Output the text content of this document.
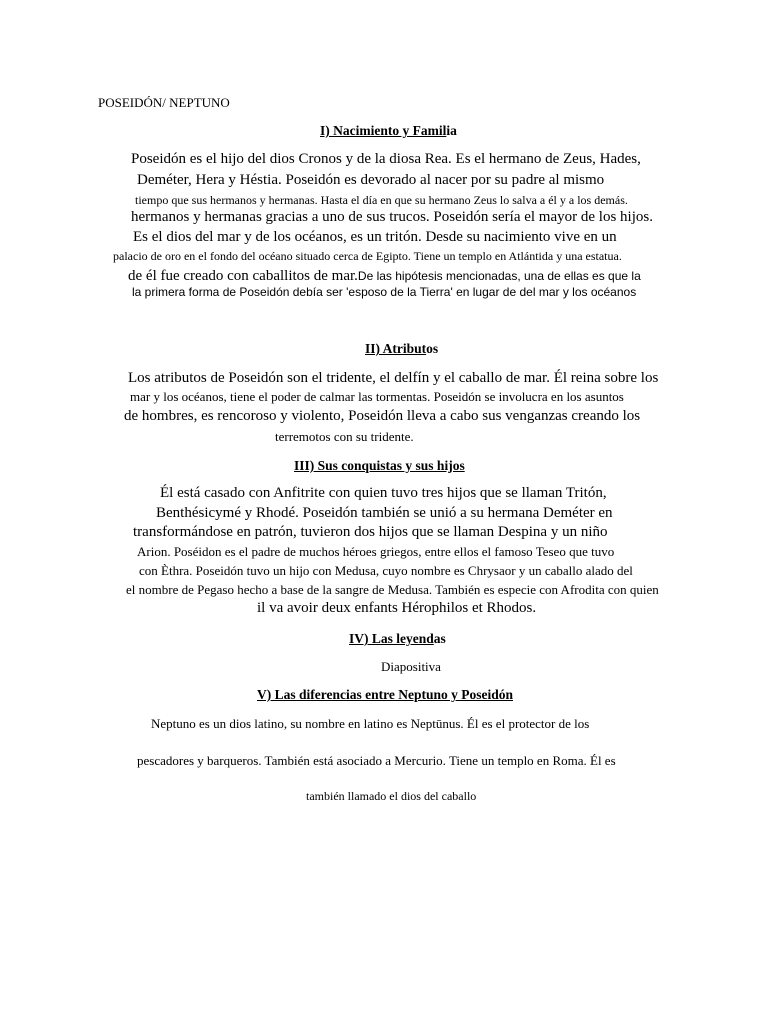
POSEIDÓN/ NEPTUNO
I) Nacimiento y Familia
Poseidón es el hijo del dios Cronos y de la diosa Rea. Es el hermano de Zeus, Hades,
Deméter, Hera y Héstia. Poseidón es devorado al nacer por su padre al mismo
tiempo que sus hermanos y hermanas. Hasta el día en que su hermano Zeus lo salva a él y a los demás.
hermanos y hermanas gracias a uno de sus trucos. Poseidón sería el mayor de los hijos.
Es el dios del mar y de los océanos, es un tritón. Desde su nacimiento vive en un
palacio de oro en el fondo del océano situado cerca de Egipto. Tiene un templo en Atlántida y una estatua.
de él fue creado con caballitos de mar.De las hipótesis mencionadas, una de ellas es que la
la primera forma de Poseidón debía ser 'esposo de la Tierra' en lugar de del mar y los océanos
II) Atributos
Los atributos de Poseidón son el tridente, el delfín y el caballo de mar. Él reina sobre los
mar y los océanos, tiene el poder de calmar las tormentas. Poseidón se involucra en los asuntos
de hombres, es rencoroso y violento, Poseidón lleva a cabo sus venganzas creando los
terremotos con su tridente.
III) Sus conquistas y sus hijos
Él está casado con Anfitrite con quien tuvo tres hijos que se llaman Tritón,
Benthésicymé y Rhodé. Poseidón también se unió a su hermana Deméter en
transformándose en patrón, tuvieron dos hijos que se llaman Despina y un niño
Arion. Poséidon es el padre de muchos héroes griegos, entre ellos el famoso Teseo que tuvo
con Èthra. Poseidón tuvo un hijo con Medusa, cuyo nombre es Chrysaor y un caballo alado del
el nombre de Pegaso hecho a base de la sangre de Medusa. También es especie con Afrodita con quien
il va avoir deux enfants Hérophilos et Rhodos.
IV) Las leyendas
Diapositiva
V) Las diferencias entre Neptuno y Poseidón
Neptuno es un dios latino, su nombre en latino es Neptūnus. Él es el protector de los
pescadores y barqueros. También está asociado a Mercurio. Tiene un templo en Roma. Él es
también llamado el dios del caballo
